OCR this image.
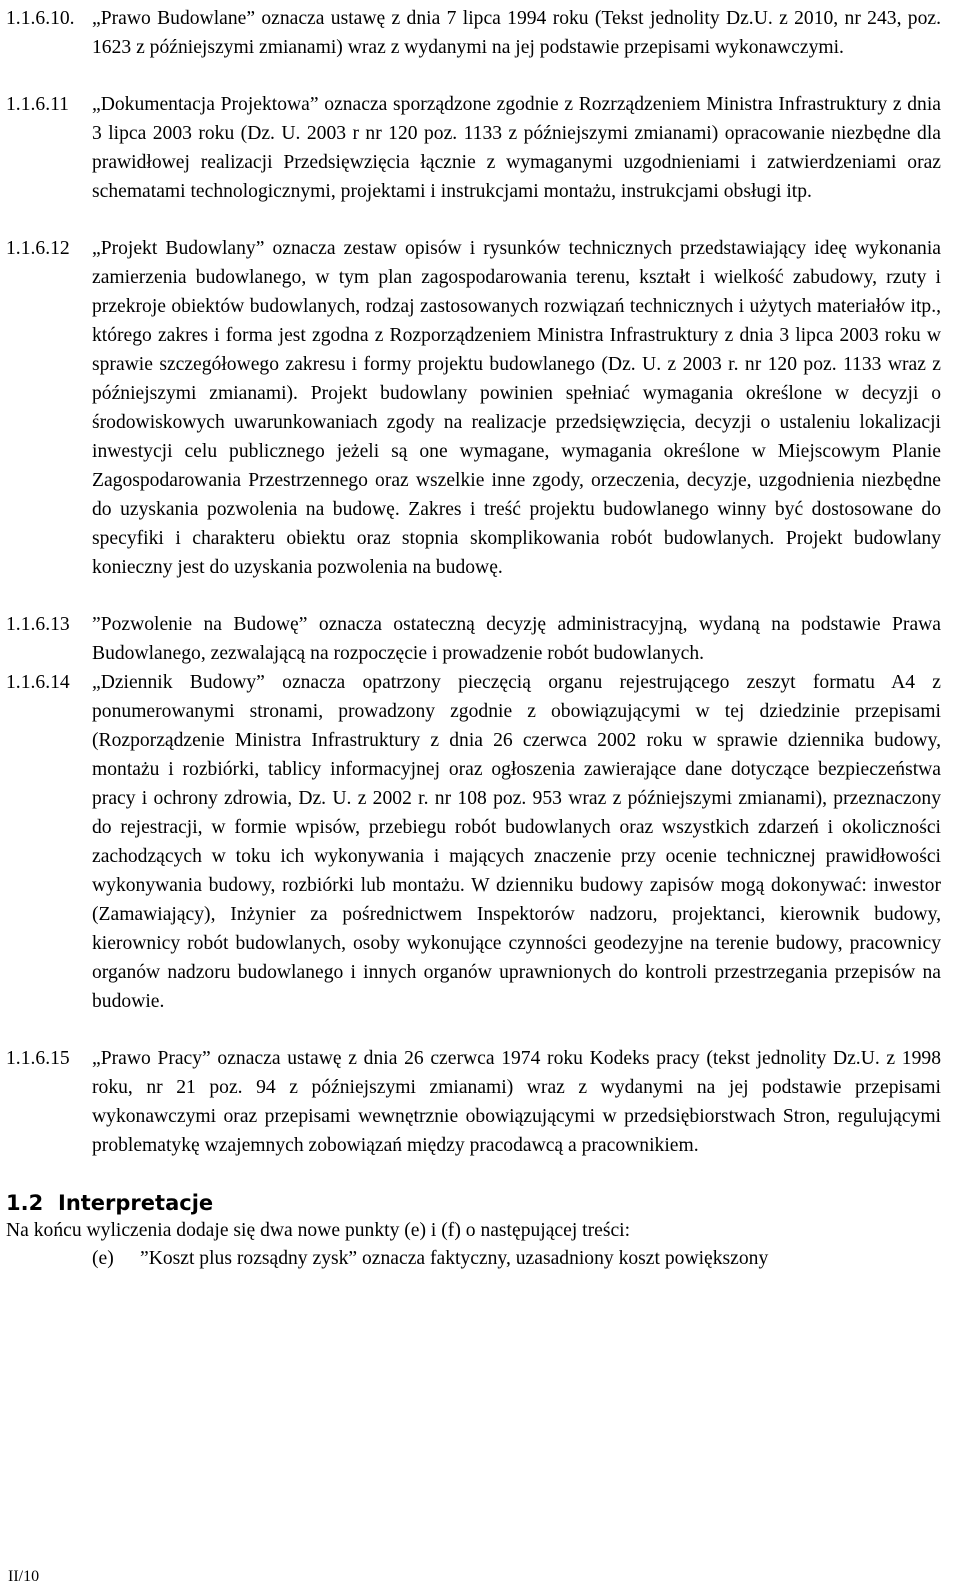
1.1.6.10. „Prawo Budowlane” oznacza ustawę z dnia 7 lipca 1994 roku (Tekst jednolity Dz.U. z 2010, nr 243, poz. 1623 z późniejszymi zmianami) wraz z wydanymi na jej podstawie przepisami wykonawczymi.
1.1.6.11	„Dokumentacja Projektowa” oznacza sporządzone zgodnie z Rozrządzeniem Ministra Infrastruktury z dnia 3 lipca 2003 roku (Dz. U. 2003 r nr 120 poz. 1133 z późniejszymi zmianami) opracowanie niezbędne dla prawidłowej realizacji Przedsięwzięcia łącznie z wymaganymi uzgodnieniami i zatwierdzeniami oraz schematami technologicznymi, projektami i instrukcjami montażu, instrukcjami obsługi itp.
1.1.6.12	„Projekt Budowlany” oznacza zestaw opisów i rysunków technicznych przedstawiający ideę wykonania zamierzenia budowlanego, w tym plan zagospodarowania terenu, kształt i wielkość zabudowy, rzuty i przekroje obiektów budowlanych, rodzaj zastosowanych rozwiązań technicznych i użytych materiałów itp., którego zakres i forma jest zgodna z Rozporządzeniem Ministra Infrastruktury z dnia 3 lipca 2003 roku w sprawie szczegółowego zakresu i formy projektu budowlanego (Dz. U. z 2003 r. nr 120 poz. 1133 wraz z późniejszymi zmianami). Projekt budowlany powinien spełniać wymagania określone w decyzji o środowiskowych uwarunkowaniach zgody na realizacje przedsięwzięcia, decyzji o ustaleniu lokalizacji inwestycji celu publicznego jeżeli są one wymagane, wymagania określone w Miejscowym Planie Zagospodarowania Przestrzennego oraz wszelkie inne zgody, orzeczenia, decyzje, uzgodnienia niezbędne do uzyskania pozwolenia na budowę. Zakres i treść projektu budowlanego winny być dostosowane do specyfiki i charakteru obiektu oraz stopnia skomplikowania robót budowlanych. Projekt budowlany konieczny jest do uzyskania pozwolenia na budowę.
1.1.6.13	”Pozwolenie na Budowę” oznacza ostateczną decyzję administracyjną, wydaną na podstawie Prawa Budowlanego, zezwalającą na rozpoczęcie i prowadzenie robót budowlanych.
1.1.6.14	„Dziennik Budowy” oznacza opatrzony pieczęcią organu rejestrującego zeszyt formatu A4 z ponumerowanymi stronami, prowadzony zgodnie z obowiązującymi w tej dziedzinie przepisami (Rozporządzenie Ministra Infrastruktury z dnia 26 czerwca 2002 roku w sprawie dziennika budowy, montażu i rozbiórki, tablicy informacyjnej oraz ogłoszenia zawierające dane dotyczące bezpieczeństwa pracy i ochrony zdrowia, Dz. U. z 2002 r. nr 108 poz. 953 wraz z późniejszymi zmianami), przeznaczony do rejestracji, w formie wpisów, przebiegu robót budowlanych oraz wszystkich zdarzeń i okoliczności zachodzących w toku ich wykonywania i mających znaczenie przy ocenie technicznej prawidłowości wykonywania budowy, rozbiórki lub montażu. W dzienniku budowy zapisów mogą dokonywać: inwestor (Zamawiający), Inżynier za pośrednictwem Inspektorów nadzoru, projektanci, kierownik budowy, kierownicy robót budowlanych, osoby wykonujące czynności geodezyjne na terenie budowy, pracownicy organów nadzoru budowlanego i innych organów uprawnionych do kontroli przestrzegania przepisów na budowie.
1.1.6.15	„Prawo Pracy” oznacza ustawę z dnia 26 czerwca 1974 roku Kodeks pracy (tekst jednolity Dz.U. z 1998 roku, nr 21 poz. 94 z późniejszymi zmianami) wraz z wydanymi na jej podstawie przepisami wykonawczymi oraz przepisami wewnętrznie obowiązującymi w przedsiębiorstwach Stron, regulującymi problematykę wzajemnych zobowiązań między pracodawcą a pracownikiem.
1.2 Interpretacje
Na końcu wyliczenia dodaje się dwa nowe punkty (e) i (f) o następującej treści:
(e) ”Koszt plus rozsądny zysk” oznacza faktyczny, uzasadniony koszt powiększony
II/10
